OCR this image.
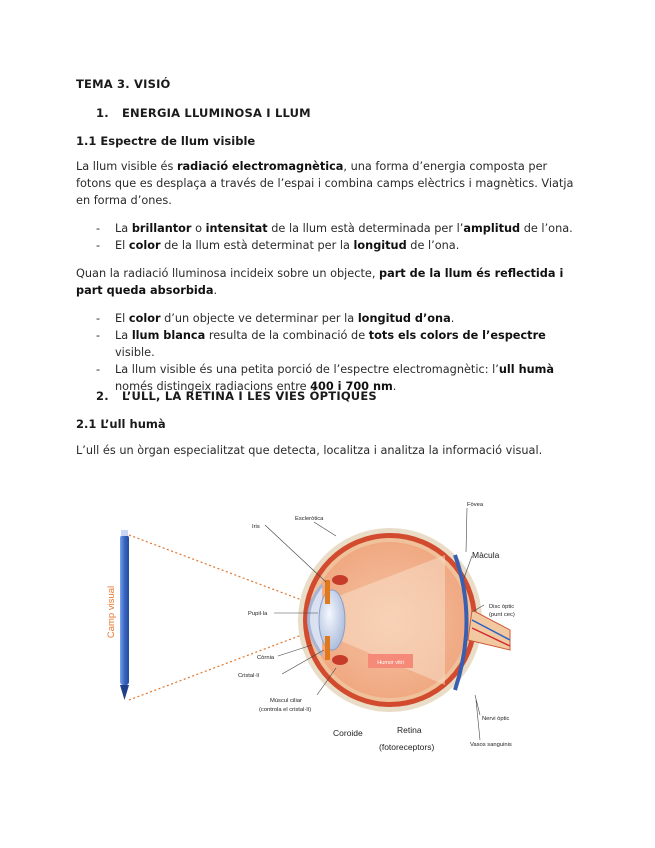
TEMA 3. VISIÓ

1. ENERGIA LLUMINOSA I LLUM

1.1 Espectre de llum visible

La llum visible és radiació electromagnètica, una forma d’energia composta per fotons que es desplaça a través de l’espai i combina camps elèctrics i magnètics. Viatja en forma d’ones.

- La brillantor o intensitat de la llum està determinada per l’amplitud de l’ona.
- El color de la llum està determinat per la longitud de l’ona.

Quan la radiació lluminosa incideix sobre un objecte, part de la llum és reflectida i part queda absorbida.

- El color d’un objecte ve determinar per la longitud d’ona.
- La llum blanca resulta de la combinació de tots els colors de l’espectre visible.
- La llum visible és una petita porció de l’espectre electromagnètic: l’ull humà només distingeix radiacions entre 400 i 700 nm.

2. L’ULL, LA RETINA I LES VIES ÒPTIQUES

2.1 L’ull humà

L’ull és un òrgan especialitzat que detecta, localitza i analitza la informació visual.

Camp visual
Humor vitri
Iris
Escleròtica
Fòvea
Pupil·la
Disc òptic
(punt cec)
Còrnia
Cristal·lí
Múscul ciliar
(controla el cristal·lí)
Nervi òptic
Vasos sanguinis
Màcula
Coroide	Retina
(fotoreceptors)
